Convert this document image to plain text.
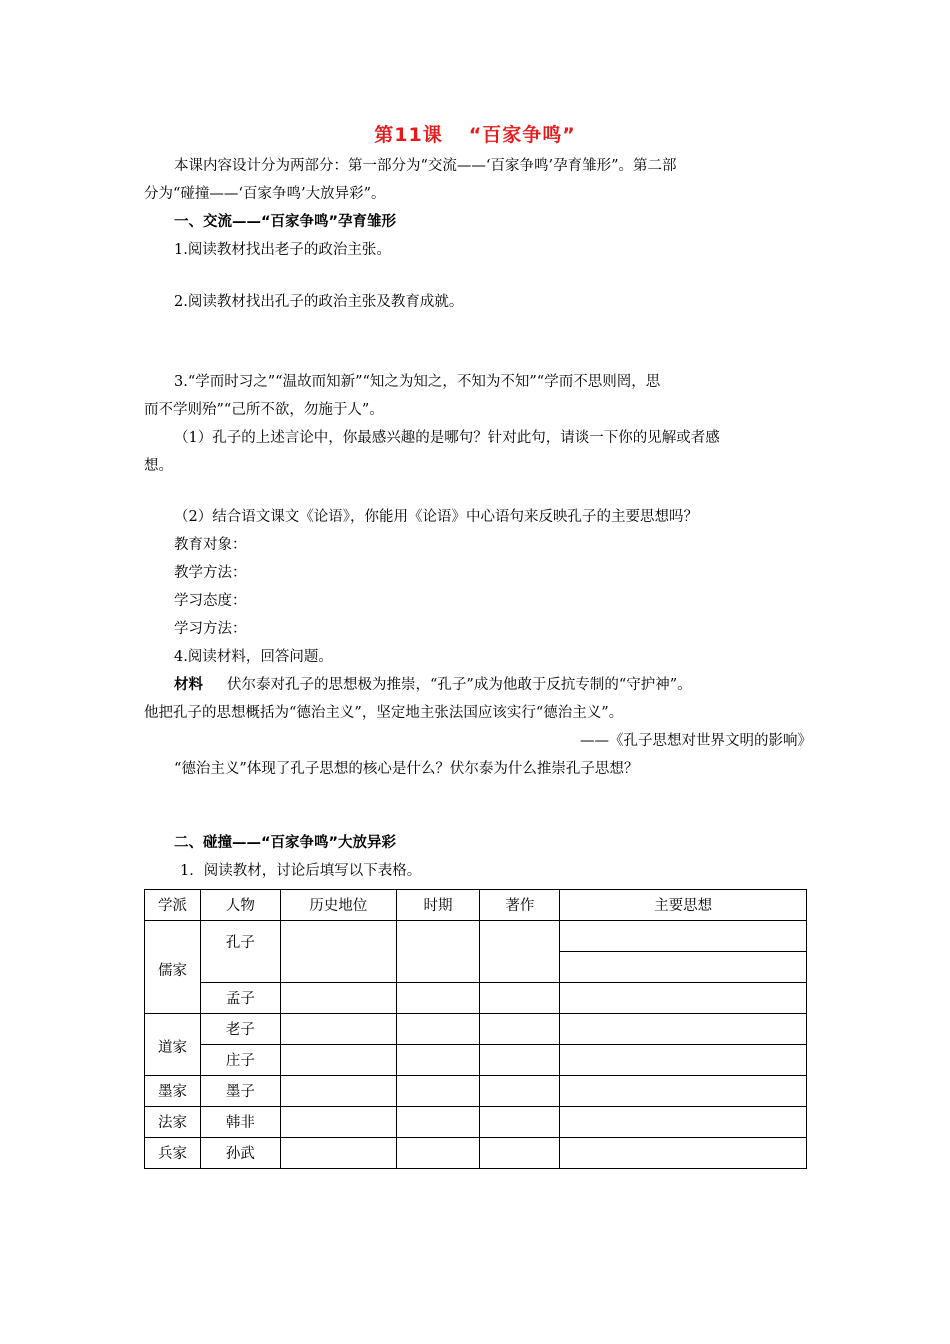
第11课 “百家争鸣”
本课内容设计分为两部分：第一部分为“交流——‘百家争鸣’孕育雏形”。第二部
分为“碰撞——‘百家争鸣’大放异彩”。
一、交流——“百家争鸣”孕育雏形
1.阅读教材找出老子的政治主张。
2.阅读教材找出孔子的政治主张及教育成就。
3.“学而时习之”“温故而知新”“知之为知之，不知为不知”“学而不思则罔，思
而不学则殆”“己所不欲，勿施于人”。
（1）孔子的上述言论中，你最感兴趣的是哪句？针对此句，请谈一下你的见解或者感
想。
（2）结合语文课文《论语》，你能用《论语》中心语句来反映孔子的主要思想吗？
教育对象：
教学方法：
学习态度：
学习方法：
4.阅读材料，回答问题。
材料 伏尔泰对孔子的思想极为推崇，“孔子”成为他敢于反抗专制的“守护神”。
他把孔子的思想概括为“德治主义”，坚定地主张法国应该实行“德治主义”。
——《孔子思想对世界文明的影响》
“德治主义”体现了孔子思想的核心是什么？伏尔泰为什么推崇孔子思想？
二、碰撞——“百家争鸣”大放异彩
1．阅读教材，讨论后填写以下表格。
学派	人物	历史地位	时期	著作	主要思想
儒家	孔子				

	孟子				
道家	老子				
	庄子				
墨家	墨子				
法家	韩非				
兵家	孙武				
